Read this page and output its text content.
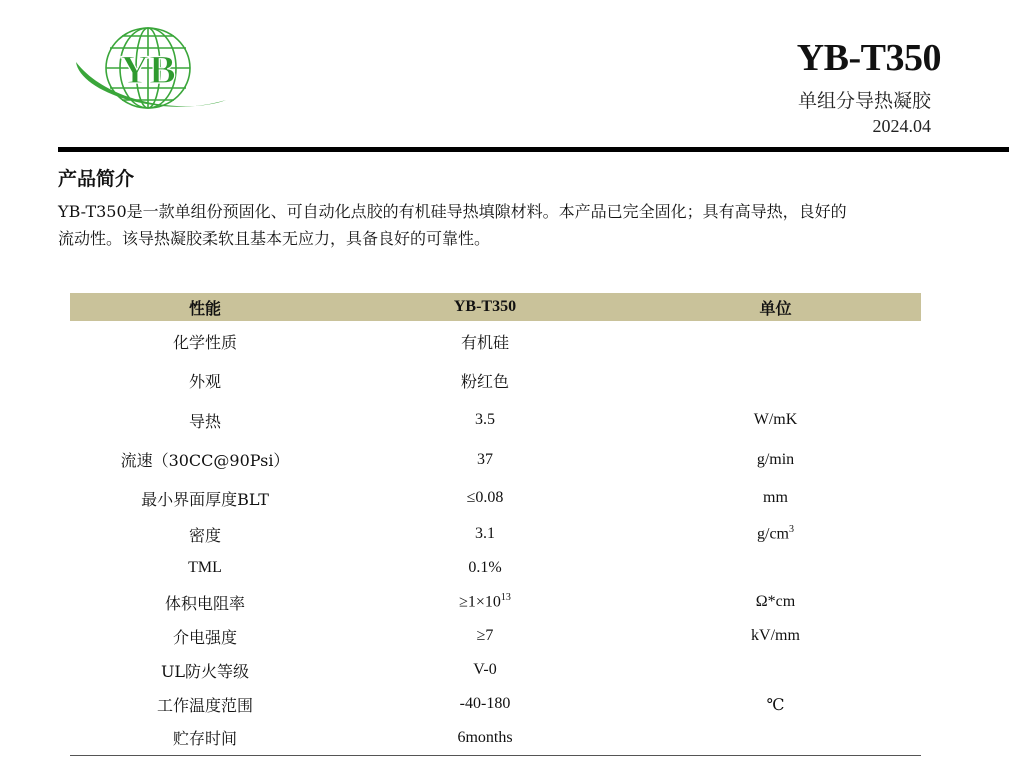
YB	YB-T350
单组分导热凝胶
2024.04
产品简介

YB-T350是一款单组份预固化、可自动化点胶的有机硅导热填隙材料。本产品已完全固化；具有高导热，良好的

流动性。该导热凝胶柔软且基本无应力，具备良好的可靠性。

性能	YB-T350	单位
化学性质	有机硅	
外观	粉红色	
导热	3.5	W/mK
流速（30CC@90Psi）	37	g/min
最小界面厚度BLT	≤0.08	mm
密度	3.1	$g/cm^3$
TML	0.1%	
体积电阻率	$\ge 1\times 10^{13}$	Ω*cm
介电强度	≥7	kV/mm
UL防火等级	V-0	
工作温度范围	-40-180	℃
贮存时间	6months	
